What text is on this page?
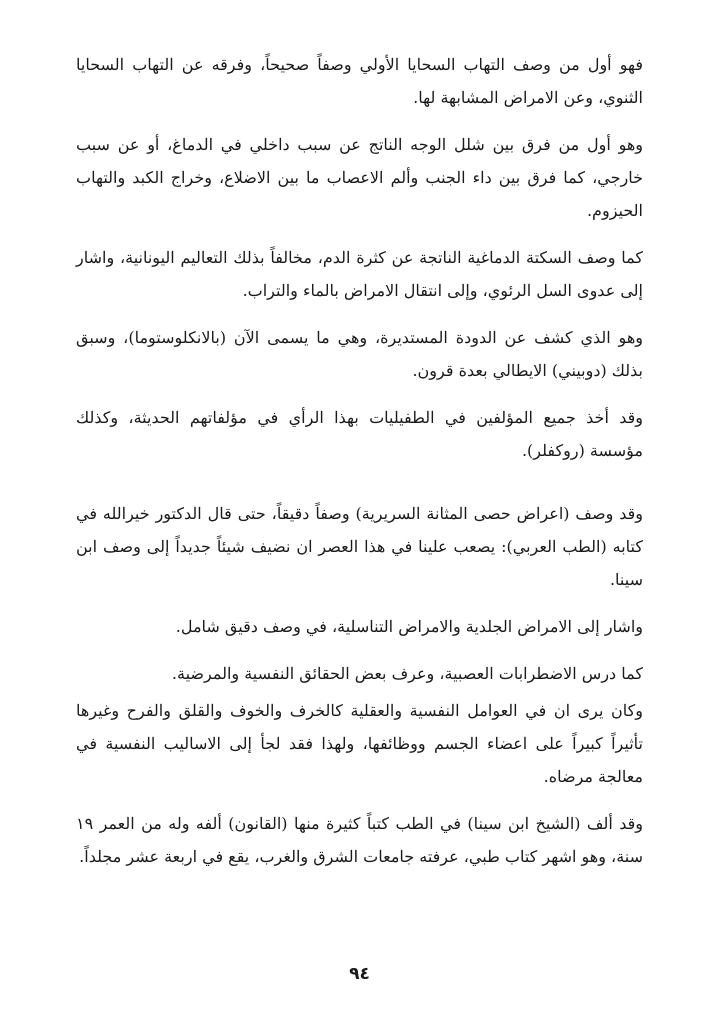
فهو أول من وصف التهاب السحايا الأولي وصفاً صحيحاً، وفرقه عن التهاب السحايا الثنوي، وعن الامراض المشابهة لها.

وهو أول من فرق بين شلل الوجه الناتج عن سبب داخلي في الدماغ، أو عن سبب خارجي، كما فرق بين داء الجنب وألم الاعصاب ما بين الاضلاع، وخراج الكبد والتهاب الحيزوم.

كما وصف السكتة الدماغية الناتجة عن كثرة الدم، مخالفاً بذلك التعاليم اليونانية، واشار إلى عدوى السل الرئوي، وإلى انتقال الامراض بالماء والتراب.

وهو الذي كشف عن الدودة المستديرة، وهي ما يسمى الآن (بالانكلوستوما)، وسبق بذلك (دوبيني) الايطالي بعدة قرون.

وقد أخذ جميع المؤلفين في الطفيليات بهذا الرأي في مؤلفاتهم الحديثة، وكذلك مؤسسة (روكفلر).

وقد وصف (اعراض حصى المثانة السريرية) وصفاً دقيقاً، حتى قال الدكتور خيرالله في كتابه (الطب العربي): يصعب علينا في هذا العصر ان نضيف شيئاً جديداً إلى وصف ابن سينا.

واشار إلى الامراض الجلدية والامراض التناسلية، في وصف دقيق شامل.

كما درس الاضطرابات العصبية، وعرف بعض الحقائق النفسية والمرضية.

وكان يرى ان في العوامل النفسية والعقلية كالخرف والخوف والقلق والفرح وغيرها تأثيراً كبيراً على اعضاء الجسم ووظائفها، ولهذا فقد لجأ إلى الاساليب النفسية في معالجة مرضاه.

وقد ألف (الشيخ ابن سينا) في الطب كتباً كثيرة منها (القانون) ألفه وله من العمر ١٩ سنة، وهو اشهر كتاب طبي، عرفته جامعات الشرق والغرب، يقع في اربعة عشر مجلداً.

٩٤
